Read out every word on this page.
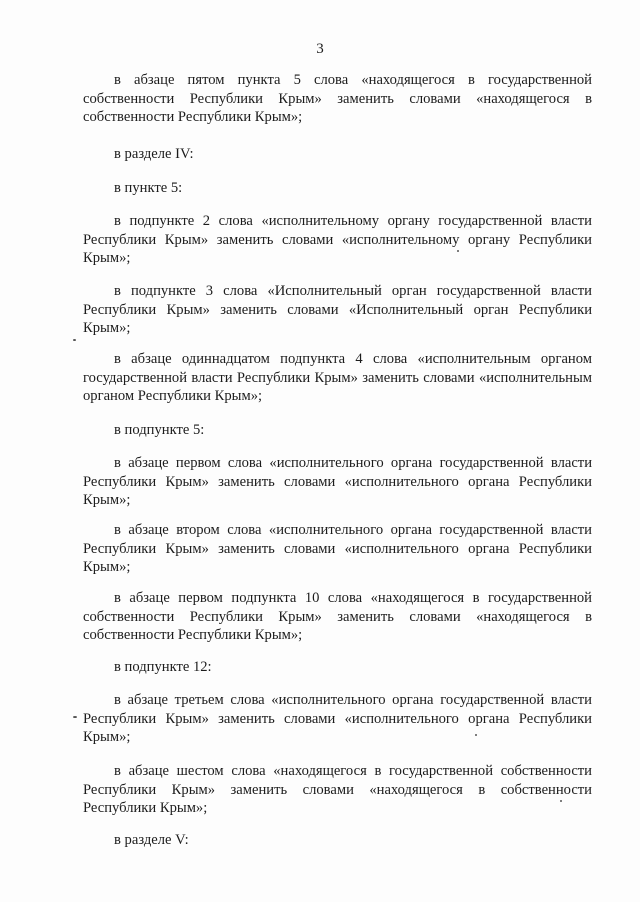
3
в абзаце пятом пункта 5 слова «находящегося в государственной собственности Республики Крым» заменить словами «находящегося в собственности Республики Крым»;
в разделе IV:
в пункте 5:
в подпункте 2 слова «исполнительному органу государственной власти Республики Крым» заменить словами «исполнительному органу Республики Крым»;
в подпункте 3 слова «Исполнительный орган государственной власти Республики Крым» заменить словами «Исполнительный орган Республики Крым»;
в абзаце одиннадцатом подпункта 4 слова «исполнительным органом государственной власти Республики Крым» заменить словами «исполнительным органом Республики Крым»;
в подпункте 5:
в абзаце первом слова «исполнительного органа государственной власти Республики Крым» заменить словами «исполнительного органа Республики Крым»;
в абзаце втором слова «исполнительного органа государственной власти Республики Крым» заменить словами «исполнительного органа Республики Крым»;
в абзаце первом подпункта 10 слова «находящегося в государственной собственности Республики Крым» заменить словами «находящегося в собственности Республики Крым»;
в подпункте 12:
в абзаце третьем слова «исполнительного органа государственной власти Республики Крым» заменить словами «исполнительного органа Республики Крым»;
в абзаце шестом слова «находящегося в государственной собственности Республики Крым» заменить словами «находящегося в собственности Республики Крым»;
в разделе V:
